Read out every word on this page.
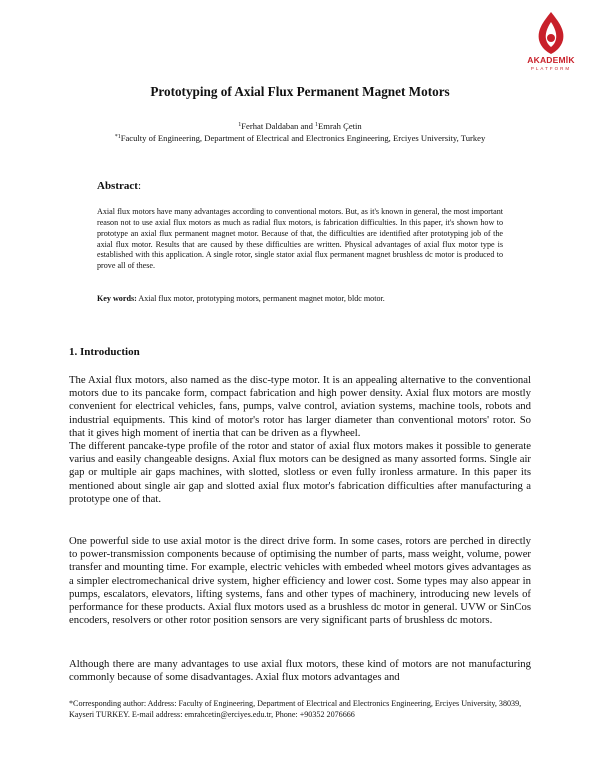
AKADEMİK
PLATFORM
Prototyping of Axial Flux Permanent Magnet Motors
$^1$Ferhat Daldaban and $^1$Emrah Çetin
$^{*1}$Faculty of Engineering, Department of Electrical and Electronics Engineering, Erciyes University, Turkey
Abstract:
Axial flux motors have many advantages according to conventional motors. But, as it's known in general, the most important reason not to use axial flux motors as much as radial flux motors, is fabrication difficulties. In this paper, it's shown how to prototype an axial flux permanent magnet motor. Because of that, the difficulties are identified after prototyping job of the axial flux motor. Results that are caused by these difficulties are written. Physical advantages of axial flux motor type is established with this application. A single rotor, single stator axial flux permanent magnet brushless dc motor is produced to prove all of these.
Key words: Axial flux motor, prototyping motors, permanent magnet motor, bldc motor.
1. Introduction
The Axial flux motors, also named as the disc-type motor. It is an appealing alternative to the conventional motors due to its pancake form, compact fabrication and high power density. Axial flux motors are mostly convenient for electrical vehicles, fans, pumps, valve control, aviation systems, machine tools, robots and industrial equipments. This kind of motor's rotor has larger diameter than conventional motors' rotor. So that it gives high moment of inertia that can be driven as a flywheel.
The different pancake-type profile of the rotor and stator of axial flux motors makes it possible to generate varius and easily changeable designs. Axial flux motors can be designed as many assorted forms. Single air gap or multiple air gaps machines, with slotted, slotless or even fully ironless armature. In this paper its mentioned about single air gap and slotted axial flux motor's fabrication difficulties after manufacturing a prototype one of that.
One powerful side to use axial motor is the direct drive form. In some cases, rotors are perched in directly to power-transmission components because of optimising the number of parts, mass weight, volume, power transfer and mounting time. For example, electric vehicles with embeded wheel motors gives advantages as a simpler electromechanical drive system, higher efficiency and lower cost. Some types may also appear in pumps, escalators, elevators, lifting systems, fans and other types of machinery, introducing new levels of performance for these products. Axial flux motors used as a brushless dc motor in general. UVW or SinCos encoders, resolvers or other rotor position sensors are very significant parts of brushless dc motors.
Although there are many advantages to use axial flux motors, these kind of motors are not manufacturing commonly because of some disadvantages. Axial flux motors advantages and
*Corresponding author: Address: Faculty of Engineering, Department of Electrical and Electronics Engineering, Erciyes University, 38039, Kayseri TURKEY. E-mail address: emrahcetin@erciyes.edu.tr, Phone: +90352 2076666
